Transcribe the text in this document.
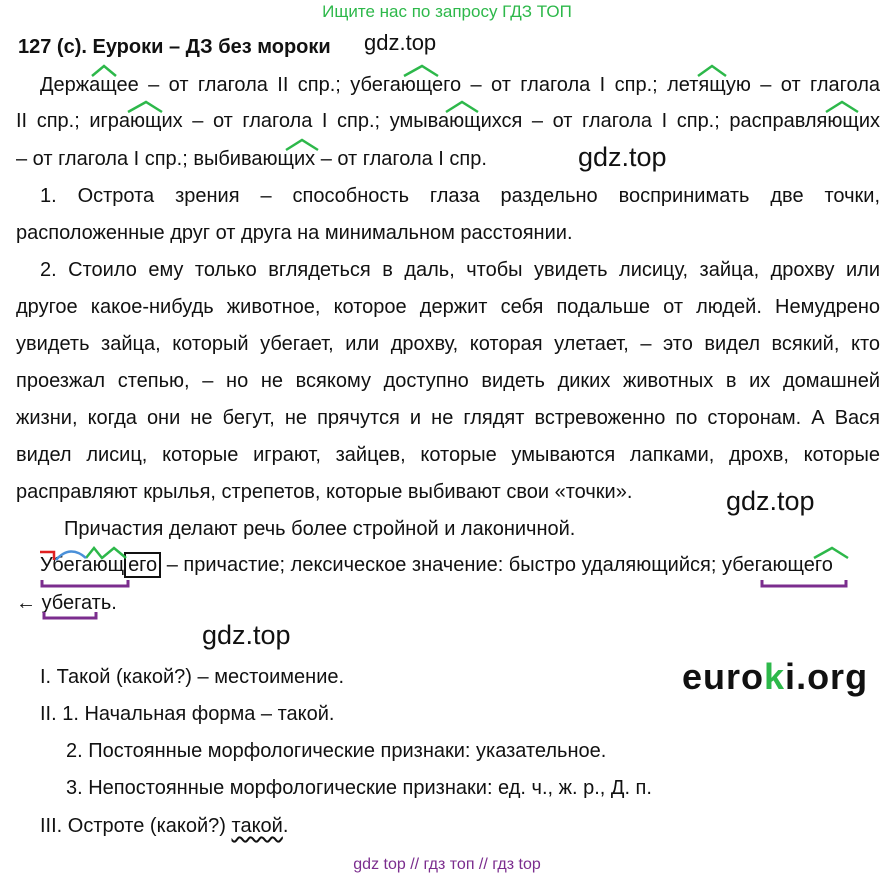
Ищите нас по запросу ГДЗ ТОП
127 (с). Еуроки – ДЗ без мороки gdz.top
gdz.top
gdz.top
gdz.top
euroki.org
Держащее – от глагола II спр.; убегающего – от глагола I спр.; летящую – от глагола
II спр.; играющих – от глагола I спр.; умывающихся – от глагола I спр.; расправляющих
– от глагола I спр.; выбивающих – от глагола I спр.
1. Острота зрения – способность глаза раздельно воспринимать две точки,
расположенные друг от друга на минимальном расстоянии.
2. Стоило ему только вглядеться в даль, чтобы увидеть лисицу, зайца, дрохву или
другое какое-нибудь животное, которое держит себя подальше от людей. Немудрено
увидеть зайца, который убегает, или дрохву, которая улетает, – это видел всякий, кто
проезжал степью, – но не всякому доступно видеть диких животных в их домашней
жизни, когда они не бегут, не прячутся и не глядят встревоженно по сторонам. А Вася
видел лисиц, которые играют, зайцев, которые умываются лапками, дрохв, которые
расправляют крылья, стрепетов, которые выбивают свои «точки».
Причастия делают речь более стройной и лаконичной.
Убегающ его – причастие; лексическое значение: быстро удаляющийся; убегающего
← убегать.
I. Такой (какой?) – местоимение.
II. 1. Начальная форма – такой.
2. Постоянные морфологические признаки: указательное.
3. Непостоянные морфологические признаки: ед. ч., ж. р., Д. п.
III. Остроте (какой?) такой.
gdz top // гдз топ // гдз top
